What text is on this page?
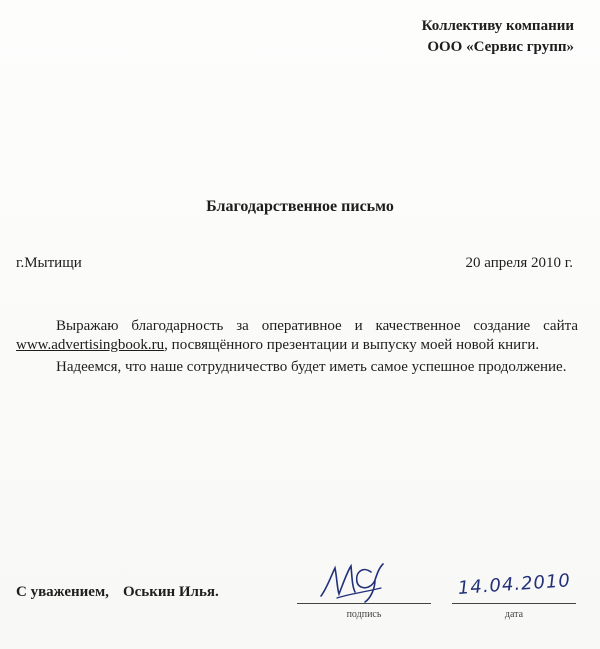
Коллективу компании
ООО «Сервис групп»
Благодарственное письмо
г.Мытищи	20 апреля 2010 г.

Выражаю благодарность за оперативное и качественное создание сайта www.advertisingbook.ru, посвящённого презентации и выпуску моей новой книги.

Надеемся, что наше сотрудничество будет иметь самое успешное продолжение.

С уважением, Оськин Илья.
подпись
14.04.2010
дата
